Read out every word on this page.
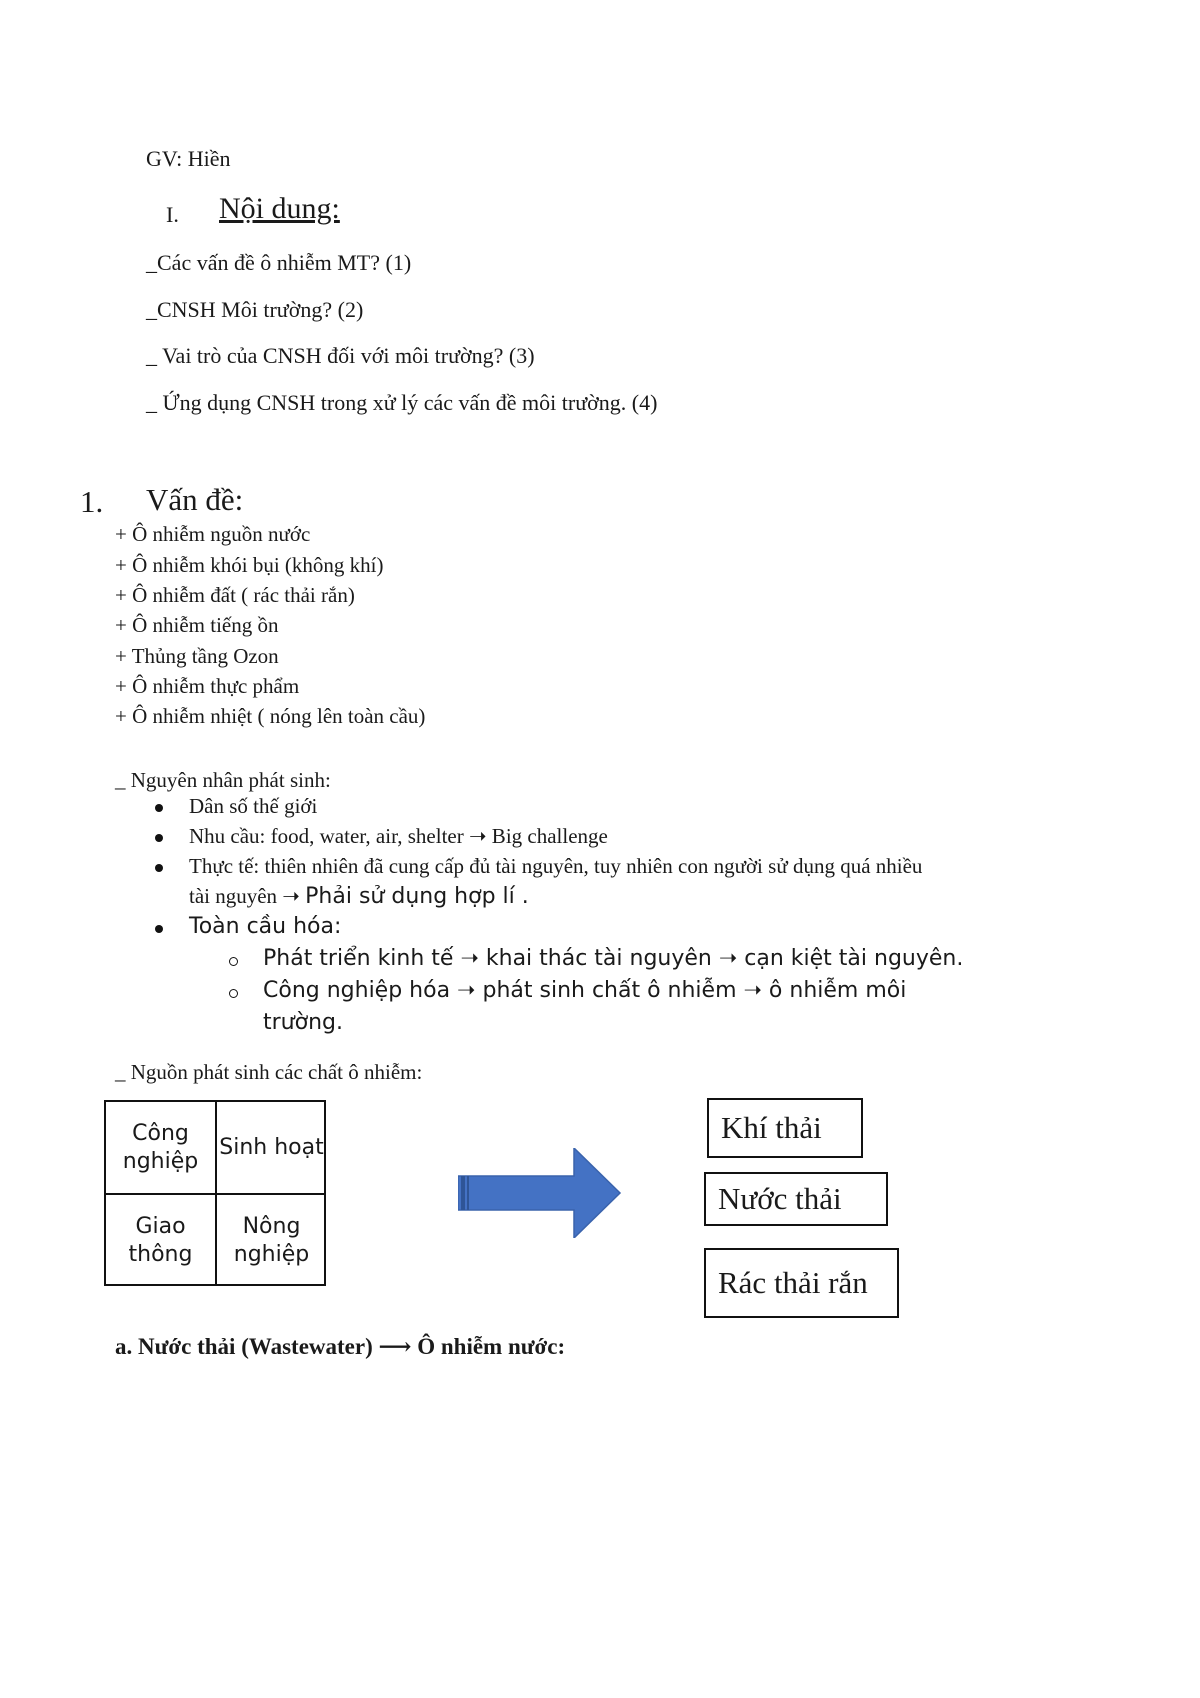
GV: Hiền
I. Nội dung:
_Các vấn đề ô nhiễm MT? (1)
_CNSH Môi trường? (2)
_ Vai trò của CNSH đối với môi trường? (3)
_ Ứng dụng CNSH trong xử lý các vấn đề môi trường. (4)
1. Vấn đề:
+ Ô nhiễm nguồn nước
+ Ô nhiễm khói bụi (không khí)
+ Ô nhiễm đất ( rác thải rắn)
+ Ô nhiễm tiếng ồn
+ Thủng tầng Ozon
+ Ô nhiễm thực phẩm
+ Ô nhiễm nhiệt ( nóng lên toàn cầu)
_ Nguyên nhân phát sinh:
Dân số thế giới
Nhu cầu: food, water, air, shelter ➝ Big challenge
Thực tế: thiên nhiên đã cung cấp đủ tài nguyên, tuy nhiên con người sử dụng quá nhiều
tài nguyên ➝ Phải sử dụng hợp lí .
Toàn cầu hóa:
Phát triển kinh tế ➝ khai thác tài nguyên ➝ cạn kiệt tài nguyên.
Công nghiệp hóa ➝ phát sinh chất ô nhiễm ➝ ô nhiễm môi
trường.
_ Nguồn phát sinh các chất ô nhiễm:
Công nghiệp
Sinh hoạt
Giao thông
Nông nghiệp
Khí thải
Nước thải
Rác thải rắn
a. Nước thải (Wastewater) ⟶ Ô nhiễm nước:
